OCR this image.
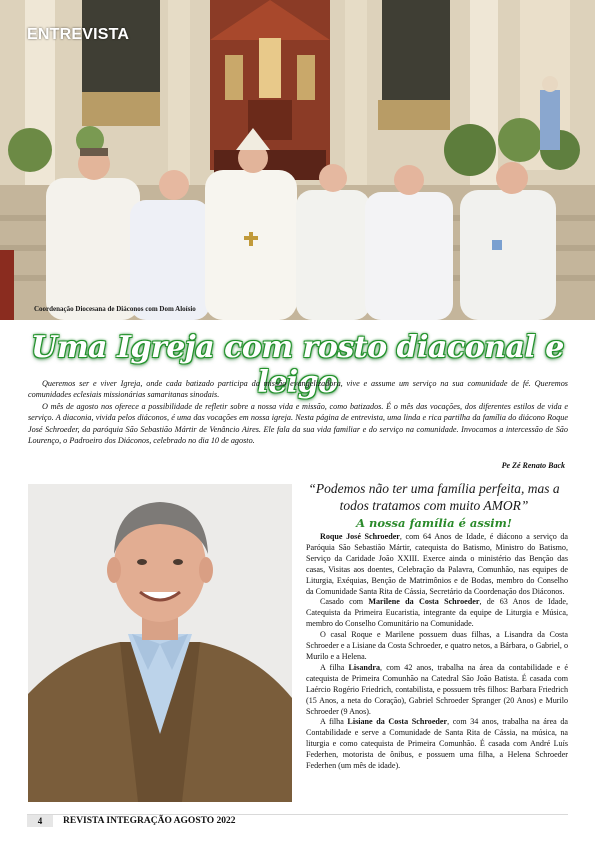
ENTREVISTA
Coordenação Diocesana de Diáconos com Dom Aloísio
Uma Igreja com rosto diaconal e leigo

Queremos ser e viver Igreja, onde cada batizado participa da missão evangelizadora, vive e assume um serviço na sua comunidade de fé. Queremos comunidades eclesiais missionárias samaritanas sinodais.

O mês de agosto nos oferece a possibilidade de refletir sobre a nossa vida e missão, como batizados. É o mês das vocações, dos diferentes estilos de vida e serviço. A diaconia, vivida pelos diáconos, é uma das vocações em nossa igreja. Nesta página de entrevista, uma linda e rica partilha da família do diácono Roque José Schroeder, da paróquia São Sebastião Mártir de Venâncio Aires. Ele fala da sua vida familiar e do serviço na comunidade. Invocamos a intercessão de São Lourenço, o Padroeiro dos Diáconos, celebrado no dia 10 de agosto.

Pe Zé Renato Back
“Podemos não ter uma família perfeita, mas a todos tratamos com muito AMOR”
A nossa família é assim!

Roque José Schroeder, com 64 Anos de Idade, é diácono a serviço da Paróquia São Sebastião Mártir, catequista do Batismo, Ministro do Batismo, Serviço da Caridade João XXIII. Exerce ainda o ministério das Benção das casas, Visitas aos doentes, Celebração da Palavra, Comunhão, nas equipes de Liturgia, Exéquias, Benção de Matrimônios e de Bodas, membro do Conselho da Comunidade Santa Rita de Cássia, Secretário da Coordenação dos Diáconos.

Casado com Marilene da Costa Schroeder, de 63 Anos de Idade, Catequista da Primeira Eucaristia, integrante da equipe de Liturgia e Música, membro do Conselho Comunitário na Comunidade.

O casal Roque e Marilene possuem duas filhas, a Lisandra da Costa Schroeder e a Lisiane da Costa Schroeder, e quatro netos, a Bárbara, o Gabriel, o Murilo e a Helena.

A filha Lisandra, com 42 anos, trabalha na área da contabilidade e é catequista de Primeira Comunhão na Catedral São João Batista. É casada com Laércio Rogério Friedrich, contabilista, e possuem três filhos: Barbara Friedrich (15 Anos, a neta do Coração), Gabriel Schroeder Spranger (20 Anos) e Murilo Schroeder (9 Anos).

A filha Lisiane da Costa Schroeder, com 34 anos, trabalha na área da Contabilidade e serve a Comunidade de Santa Rita de Cássia, na música, na liturgia e como catequista de Primeira Comunhão. É casada com André Luís Federhen, motorista de ônibus, e possuem uma filha, a Helena Schroeder Federhen (um mês de idade).

4	REVISTA INTEGRAÇÃO AGOSTO 2022
